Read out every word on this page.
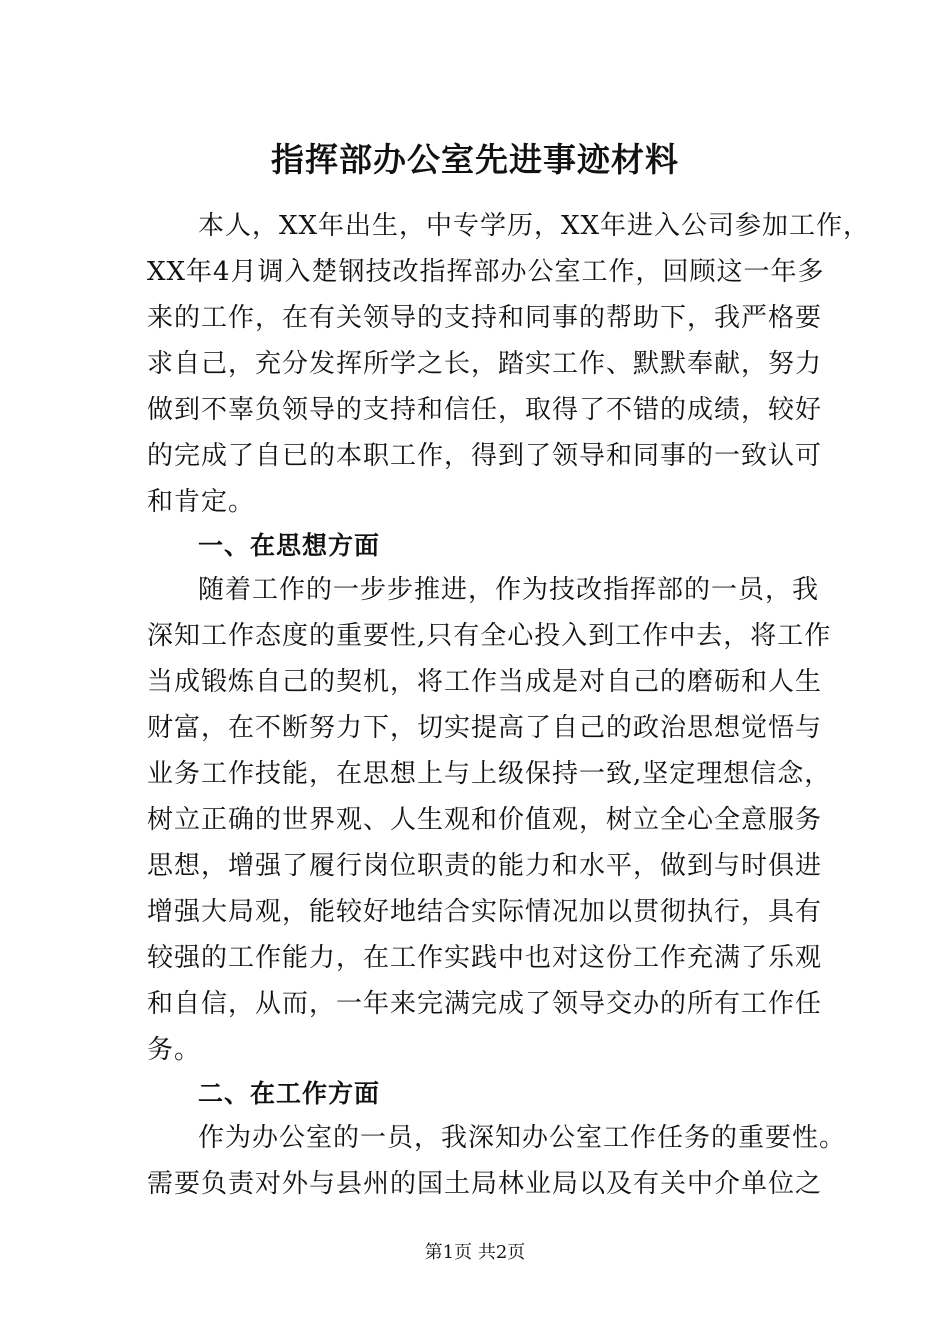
指挥部办公室先进事迹材料
本人，XX年出生，中专学历，XX年进入公司参加工作，
XX年4月调入楚钢技改指挥部办公室工作，回顾这一年多
来的工作，在有关领导的支持和同事的帮助下，我严格要
求自己，充分发挥所学之长，踏实工作、默默奉献，努力
做到不辜负领导的支持和信任，取得了不错的成绩，较好
的完成了自已的本职工作，得到了领导和同事的一致认可
和肯定。
一、在思想方面
随着工作的一步步推进，作为技改指挥部的一员，我
深知工作态度的重要性,只有全心投入到工作中去，将工作
当成锻炼自己的契机，将工作当成是对自己的磨砺和人生
财富，在不断努力下，切实提高了自己的政治思想觉悟与
业务工作技能，在思想上与上级保持一致,坚定理想信念，
树立正确的世界观、人生观和价值观，树立全心全意服务
思想，增强了履行岗位职责的能力和水平，做到与时俱进
增强大局观，能较好地结合实际情况加以贯彻执行，具有
较强的工作能力，在工作实践中也对这份工作充满了乐观
和自信，从而，一年来完满完成了领导交办的所有工作任
务。
二、在工作方面
作为办公室的一员，我深知办公室工作任务的重要性。
需要负责对外与县州的国土局林业局以及有关中介单位之
第1页 共2页
